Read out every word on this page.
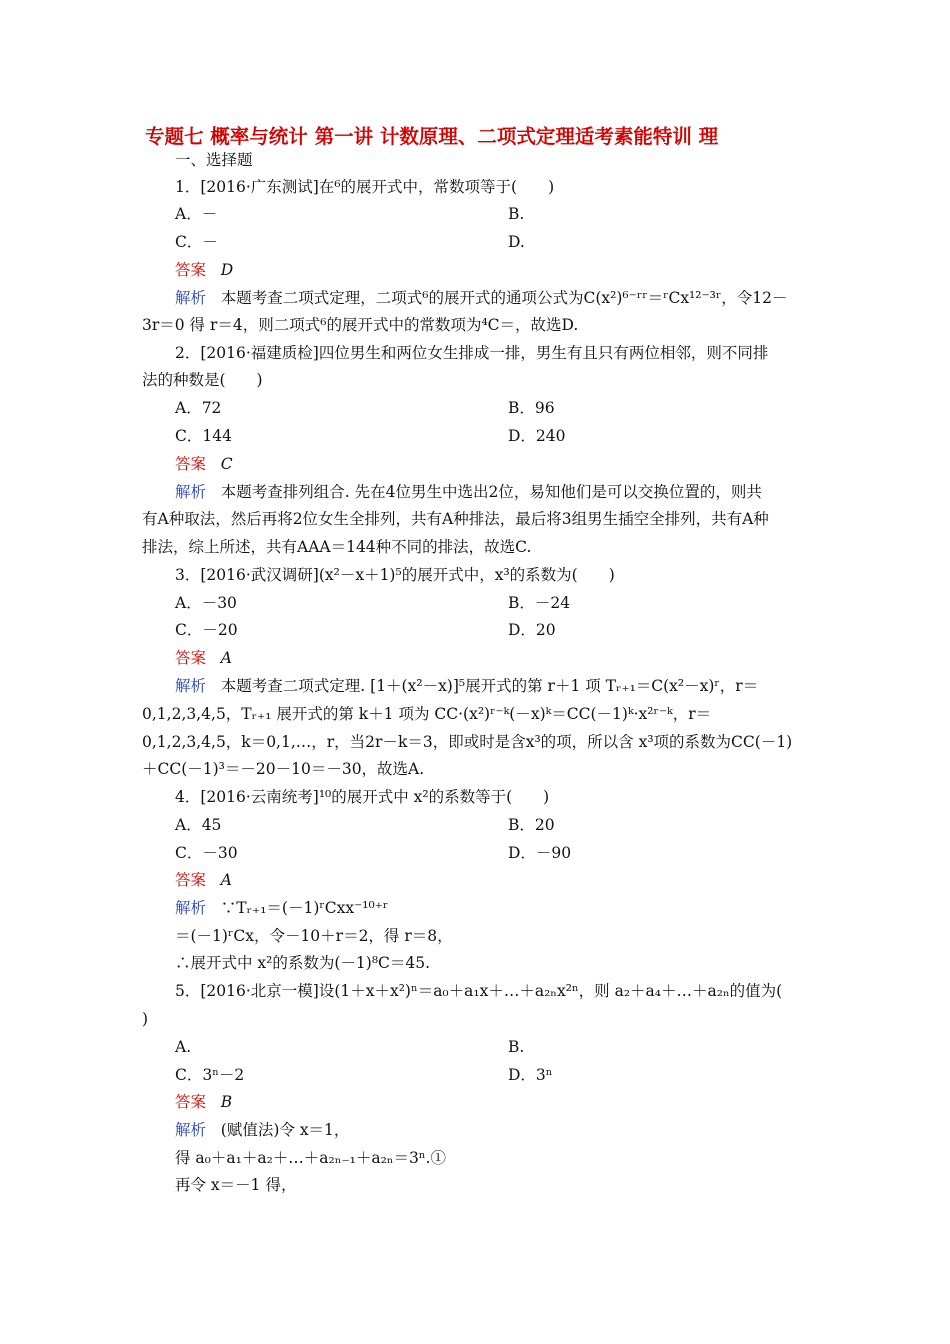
专题七 概率与统计 第一讲 计数原理、二项式定理适考素能特训 理
一、选择题
1．[2016·广东测试]在⁶的展开式中，常数项等于(　　)
A．－	B.
C．－	D.
答案 D
解析 本题考查二项式定理，二项式⁶的展开式的通项公式为C(x²)⁶⁻ʳʳ＝ʳCx¹²⁻³ʳ，令12－
3r＝0 得 r＝4，则二项式⁶的展开式中的常数项为⁴C＝，故选D.
2．[2016·福建质检]四位男生和两位女生排成一排，男生有且只有两位相邻，则不同排
法的种数是(　　)
A．72	B．96
C．144	D．240
答案 C
解析 本题考查排列组合. 先在4位男生中选出2位，易知他们是可以交换位置的，则共
有A种取法，然后再将2位女生全排列，共有A种排法，最后将3组男生插空全排列，共有A种
排法，综上所述，共有AAA＝144种不同的排法，故选C.
3．[2016·武汉调研](x²－x＋1)⁵的展开式中，x³的系数为(　　)
A．－30	B．－24
C．－20	D．20
答案 A
解析 本题考查二项式定理. [1＋(x²－x)]⁵展开式的第 r＋1 项 Tᵣ₊₁＝C(x²－x)ʳ，r＝
0,1,2,3,4,5，Tᵣ₊₁ 展开式的第 k＋1 项为 CC·(x²)ʳ⁻ᵏ(－x)ᵏ＝CC(－1)ᵏ·x²ʳ⁻ᵏ，r＝
0,1,2,3,4,5，k＝0,1,…，r，当2r－k＝3，即或时是含x³的项，所以含 x³项的系数为CC(－1)
＋CC(－1)³＝－20－10＝－30，故选A.
4．[2016·云南统考]¹⁰的展开式中 x²的系数等于(　　)
A．45	B．20
C．－30	D．－90
答案 A
解析 ∵Tᵣ₊₁＝(－1)ʳCxx⁻¹⁰⁺ʳ
＝(－1)ʳCx，令－10＋r＝2，得 r＝8，
∴展开式中 x²的系数为(－1)⁸C＝45.
5．[2016·北京一模]设(1＋x＋x²)ⁿ＝a₀＋a₁x＋…＋a₂ₙx²ⁿ，则 a₂＋a₄＋…＋a₂ₙ的值为(
)
A.	B.
C．3ⁿ－2	D．3ⁿ
答案 B
解析 (赋值法)令 x＝1，
得 a₀＋a₁＋a₂＋…＋a₂ₙ₋₁＋a₂ₙ＝3ⁿ.①
再令 x＝－1 得，
